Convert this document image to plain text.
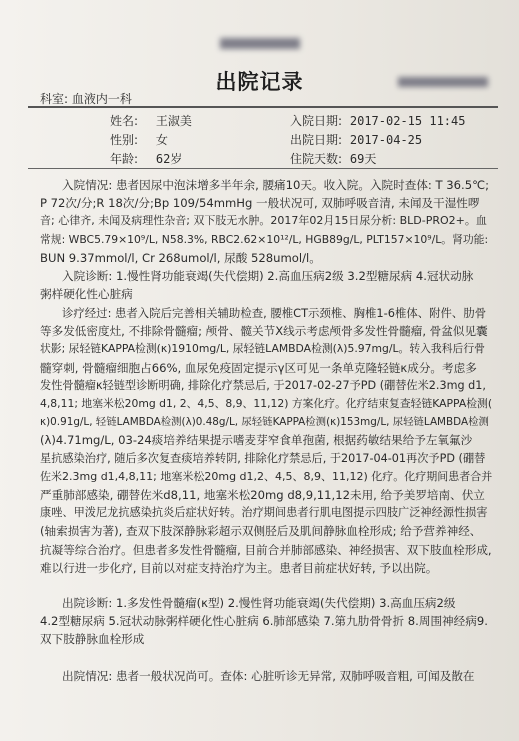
出院记录
科室: 血液内一科
姓名: 王淑美
性别: 女
年龄: 62岁
入院日期: 2017-02-15 11:45
出院日期: 2017-04-25
住院天数: 69天
入院情况: 患者因尿中泡沫增多半年余, 腰痛10天。收入院。入院时查体: T 36.5℃;
P 72次/分;R 18次/分;Bp 109/54mmHg 一般状况可, 双肺呼吸音清, 未闻及干湿性啰
音; 心律齐, 未闻及病理性杂音; 双下肢无水肿。2017年02月15日尿分析: BLD-PRO2+。血
常规: WBC5.79×10⁹/L, N58.3%, RBC2.62×10¹²/L, HGB89g/L, PLT157×10⁹/L。肾功能:
BUN 9.37mmol/l, Cr 268umol/l, 尿酸 528umol/l。
入院诊断: 1.慢性肾功能衰竭(失代偿期) 2.高血压病2级 3.2型糖尿病 4.冠状动脉
粥样硬化性心脏病
诊疗经过: 患者入院后完善相关辅助检查, 腰椎CT示颈椎、胸椎1-6椎体、附件、肋骨
等多发低密度灶, 不排除骨髓瘤; 颅骨、髋关节X线示考虑颅骨多发性骨髓瘤, 骨盆似见囊
状影; 尿轻链KAPPA检测(κ)1910mg/L, 尿轻链LAMBDA检测(λ)5.97mg/L。转入我科后行骨
髓穿刺, 骨髓瘤细胞占66%, 血尿免疫固定提示γ区可见一条单克隆轻链κ成分。考虑多
发性骨髓瘤κ轻链型诊断明确, 排除化疗禁忌后, 于2017-02-27予PD (硼替佐米2.3mg d1,
4,8,11; 地塞米松20mg d1, 2、4,5、8,9、11,12) 方案化疗。化疗结束复查轻链KAPPA检测(
κ)0.91g/L, 轻链LAMBDA检测(λ)0.48g/L, 尿轻链KAPPA检测(κ)153mg/L, 尿轻链LAMBDA检测
(λ)4.71mg/L, 03-24痰培养结果提示嗜麦芽窄食单孢菌, 根据药敏结果给予左氧氟沙
星抗感染治疗, 随后多次复查痰培养转阴, 排除化疗禁忌后, 于2017-04-01再次予PD (硼替
佐米2.3mg d1,4,8,11; 地塞米松20mg d1,2、4,5、8,9、11,12) 化疗。化疗期间患者合并
严重肺部感染, 硼替佐米d8,11, 地塞米松20mg d8,9,11,12未用, 给予美罗培南、伏立
康唑、甲泼尼龙抗感染抗炎后症状好转。治疗期间患者行肌电图提示四肢广泛神经源性损害
(轴索损害为著), 查双下肢深静脉彩超示双侧胫后及肌间静脉血栓形成; 给予营养神经、
抗凝等综合治疗。但患者多发性骨髓瘤, 目前合并肺部感染、神经损害、双下肢血栓形成,
难以行进一步化疗, 目前以对症支持治疗为主。患者目前症状好转, 予以出院。
出院诊断: 1.多发性骨髓瘤(κ型) 2.慢性肾功能衰竭(失代偿期) 3.高血压病2级
4.2型糖尿病 5.冠状动脉粥样硬化性心脏病 6.肺部感染 7.第九肋骨骨折 8.周围神经病9.
双下肢静脉血栓形成
出院情况: 患者一般状况尚可。查体: 心脏听诊无异常, 双肺呼吸音粗, 可闻及散在
